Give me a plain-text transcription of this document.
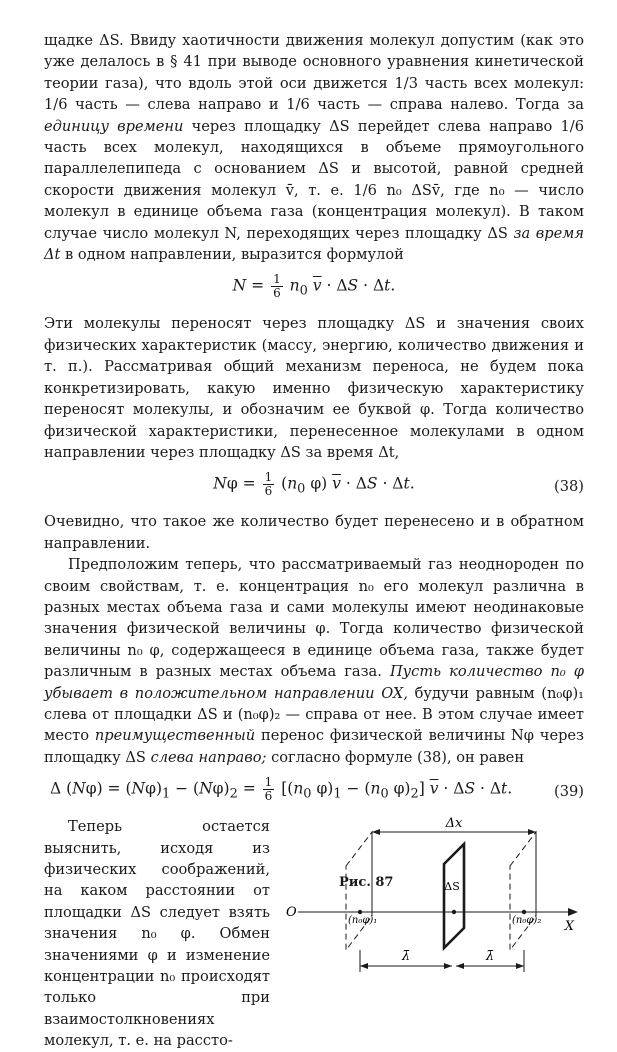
щадке ΔS. Ввиду хаотичности движения молекул допустим (как это уже делалось в § 41 при выводе основного уравнения кинетической теории газа), что вдоль этой оси движется 1/3 часть всех молекул: 1/6 часть — слева направо и 1/6 часть — справа налево. Тогда за единицу времени через площадку ΔS перейдет слева направо 1/6 часть всех молекул, находящихся в объеме прямоугольного параллелепипеда с основанием ΔS и высотой, равной средней скорости движения молекул v̄, т. е. 1/6 n₀ ΔSv̄, где n₀ — число молекул в единице объема газа (концентрация молекул). В таком случае число молекул N, переходящих через площадку ΔS за время Δt в одном направлении, выразится формулой

$N = \frac{1}{6} n_0$ $\overline{v} \cdot \Delta S \cdot \Delta t$.

Эти молекулы переносят через площадку ΔS и значения своих физических характеристик (массу, энергию, количество движения и т. п.). Рассматривая общий механизм переноса, не будем пока конкретизировать, какую именно физическую характеристику переносят молекулы, и обозначим ее буквой φ. Тогда количество физической характеристики, перенесенное молекулами в одном направлении через площадку ΔS за время Δt,

$N\varphi = \frac{1}{6} (n_0$ φ) $\overline{v} \cdot \Delta S \cdot \Delta t$.	(38)

Очевидно, что такое же количество будет перенесено и в обратном направлении.

Предположим теперь, что рассматриваемый газ неоднороден по своим свойствам, т. е. концентрация n₀ его молекул различна в разных местах объема газа и сами молекулы имеют неодинаковые значения физической величины φ. Тогда количество физической величины n₀ φ, содержащееся в единице объема газа, также будет различным в разных местах объема газа. Пусть количество n₀ φ убывает в положительном направлении OX, будучи равным (n₀φ)₁ слева от площадки ΔS и (n₀φ)₂ — справа от нее. В этом случае имеет место преимущественный перенос физической величины Nφ через площадку ΔS слева направо; согласно формуле (38), он равен

Δ $(N\varphi) = (N\varphi)_1 - (N\varphi)_2 = \frac{1}{6} [(n_0$ $\varphi)_1 - (n_0$ $\varphi)_2$] $\overline{v} \cdot \Delta S \cdot \Delta t$.	(39)

Теперь остается выяснить, исходя из физических соображений, на каком расстоянии от площадки ΔS следует взять значения n₀ φ. Обмен значениями φ и изменение концентрации n₀ происходят только при взаимостолкновениях молекул, т. е. на рассто-

Δx
ΔS
O
X
(n₀φ)₁	(n₀φ)₂
λ̄	λ̄
Рис. 87
